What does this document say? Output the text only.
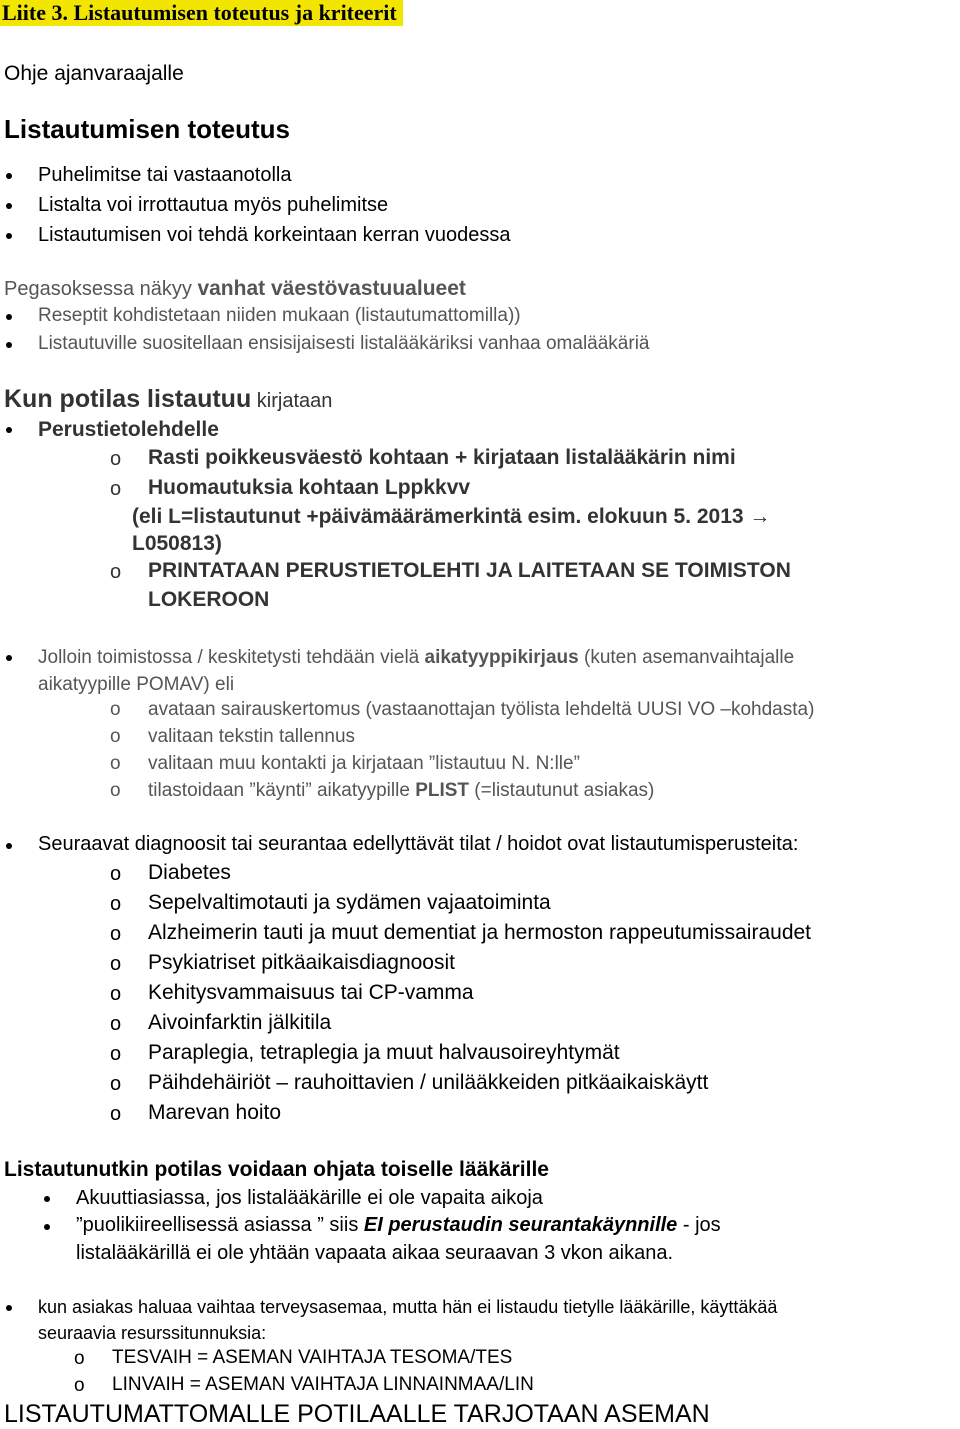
Liite 3. Listautumisen toteutus ja kriteerit
Ohje ajanvaraajalle
Listautumisen toteutus
Puhelimitse tai vastaanotolla
Listalta voi irrottautua myös puhelimitse
Listautumisen voi tehdä korkeintaan kerran vuodessa
Pegasoksessa näkyy vanhat väestövastuualueet
Reseptit kohdistetaan niiden mukaan (listautumattomilla))
Listautuville suositellaan ensisijaisesti listalääkäriksi vanhaa omalääkäriä
Kun potilas listautuu kirjataan
Perustietolehdelle
o Rasti poikkeusväestö kohtaan + kirjataan listalääkärin nimi
o Huomautuksia kohtaan Lppkkvv
(eli L=listautunut +päivämäärämerkintä esim. elokuun 5. 2013 →
L050813)
o PRINTATAAN PERUSTIETOLEHTI JA LAITETAAN SE TOIMISTON
LOKEROON
Jolloin toimistossa / keskitetysti tehdään vielä aikatyyppikirjaus (kuten asemanvaihtajalle
aikatyypille POMAV) eli
o avataan sairauskertomus (vastaanottajan työlista lehdeltä UUSI VO –kohdasta)
o valitaan tekstin tallennus
o valitaan muu kontakti ja kirjataan ”listautuu N. N:lle”
o tilastoidaan ”käynti” aikatyypille PLIST (=listautunut asiakas)
Seuraavat diagnoosit tai seurantaa edellyttävät tilat / hoidot ovat listautumisperusteita:
o Diabetes
o Sepelvaltimotauti ja sydämen vajaatoiminta
o Alzheimerin tauti ja muut dementiat ja hermoston rappeutumissairaudet
o Psykiatriset pitkäaikaisdiagnoosit
o Kehitysvammaisuus tai CP-vamma
o Aivoinfarktin jälkitila
o Paraplegia, tetraplegia ja muut halvausoireyhtymät
o Päihdehäiriöt – rauhoittavien / unilääkkeiden pitkäaikaiskäytt
o Marevan hoito
Listautunutkin potilas voidaan ohjata toiselle lääkärille
Akuuttiasiassa, jos listalääkärille ei ole vapaita aikoja
”puolikiireellisessä asiassa ” siis EI perustaudin seurantakäynnille - jos
listalääkärillä ei ole yhtään vapaata aikaa seuraavan 3 vkon aikana.
kun asiakas haluaa vaihtaa terveysasemaa, mutta hän ei listaudu tietylle lääkärille, käyttäkää
seuraavia resurssitunnuksia:
o TESVAIH = ASEMAN VAIHTAJA TESOMA/TES
o LINVAIH = ASEMAN VAIHTAJA LINNAINMAA/LIN
LISTAUTUMATTOMALLE POTILAALLE TARJOTAAN ASEMAN
